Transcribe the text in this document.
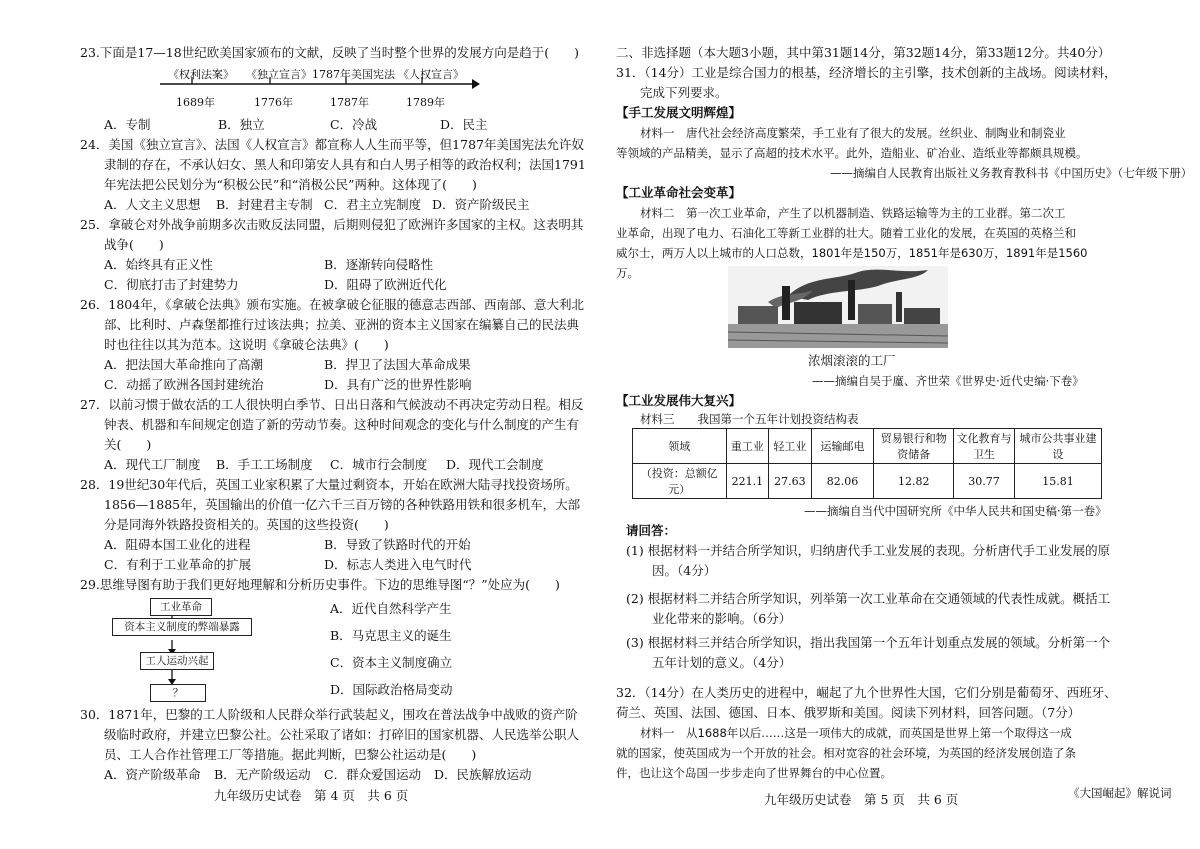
23.下面是17—18世纪欧美国家颁布的文献，反映了当时整个世界的发展方向是趋于(　　)
《权利法案》 《独立宣言》 1787年美国宪法 《人权宣言》
1689年	1776年	1787年	1789年
A．专制	B．独立	C．冷战	D．民主
24．美国《独立宣言》、法国《人权宣言》都宣称人人生而平等，但1787年美国宪法允许奴
隶制的存在，不承认妇女、黑人和印第安人具有和白人男子相等的政治权利；法国1791
年宪法把公民划分为“积极公民”和“消极公民”两种。这体现了(　　)
A．人文主义思想 B．封建君主专制 C．君主立宪制度 D．资产阶级民主
25．拿破仑对外战争前期多次击败反法同盟，后期则侵犯了欧洲许多国家的主权。这表明其
战争(　　)
A．始终具有正义性	B．逐渐转向侵略性
C．彻底打击了封建势力	D．阻碍了欧洲近代化
26．1804年，《拿破仑法典》颁布实施。在被拿破仑征服的德意志西部、西南部、意大利北
部、比利时、卢森堡都推行过该法典；拉美、亚洲的资本主义国家在编纂自己的民法典
时也往往以其为范本。这说明《拿破仑法典》(　　)
A．把法国大革命推向了高潮	B．捍卫了法国大革命成果
C．动摇了欧洲各国封建统治	D．具有广泛的世界性影响
27．以前习惯于做农活的工人很快明白季节、日出日落和气候波动不再决定劳动日程。相反
钟表、机器和车间规定创造了新的劳动节奏。这种时间观念的变化与什么制度的产生有
关(　　)
A．现代工厂制度 B．手工工场制度 C．城市行会制度 D．现代工会制度
28．19世纪30年代后，英国工业家积累了大量过剩资本，开始在欧洲大陆寻找投资场所。
1856—1885年，英国输出的价值一亿六千三百万镑的各种铁路用铁和很多机车，大部
分是同海外铁路投资相关的。英国的这些投资(　　)
A．阻碍本国工业化的进程	B．导致了铁路时代的开始
C．有利于工业革命的扩展	D．标志人类进入电气时代
29.思维导图有助于我们更好地理解和分析历史事件。下边的思维导图“？”处应为(　　)
工业革命
资本主义制度的弊端暴露
工人运动兴起
？
A．近代自然科学产生
B．马克思主义的诞生
C．资本主义制度确立
D．国际政治格局变动
30．1871年，巴黎的工人阶级和人民群众举行武装起义，围攻在普法战争中战败的资产阶
级临时政府，并建立巴黎公社。公社采取了诸如：打碎旧的国家机器、人民选举公职人
员、工人合作社管理工厂等措施。据此判断，巴黎公社运动是(　　)
A．资产阶级革命 B．无产阶级运动 C．群众爱国运动 D．民族解放运动
九年级历史试卷　第 4 页　共 6 页
二、非选择题（本大题3小题，其中第31题14分，第32题14分，第33题12分。共40分）
31．（14分）工业是综合国力的根基，经济增长的主引擎，技术创新的主战场。阅读材料，
完成下列要求。
【手工发展文明辉煌】
材料一　唐代社会经济高度繁荣，手工业有了很大的发展。丝织业、制陶业和制瓷业
等领域的产品精美，显示了高超的技术水平。此外，造船业、矿冶业、造纸业等都颇具规模。
——摘编自人民教育出版社义务教育教科书《中国历史》（七年级下册）
【工业革命社会变革】
材料二　第一次工业革命，产生了以机器制造、铁路运输等为主的工业群。第二次工
业革命，出现了电力、石油化工等新工业群的壮大。随着工业化的发展，在英国的英格兰和
威尔士，两万人以上城市的人口总数，1801年是150万，1851年是630万，1891年是1560
万。
浓烟滚滚的工厂
——摘编自吴于廑、齐世荣《世界史·近代史编·下卷》
【工业发展伟大复兴】
材料三　　我国第一个五年计划投资结构表
领域	重工业	轻工业	运输邮电	贸易银行和物资储备	文化教育与卫生	城市公共事业建设
（投资：总额亿元）	221.1	27.63	82.06	12.82	30.77	15.81
——摘编自当代中国研究所《中华人民共和国史稿·第一卷》
请回答：
(1) 根据材料一并结合所学知识，归纳唐代手工业发展的表现。分析唐代手工业发展的原
因。（4分）
(2) 根据材料二并结合所学知识，列举第一次工业革命在交通领域的代表性成就。概括工
业化带来的影响。（6分）
(3) 根据材料三并结合所学知识，指出我国第一个五年计划重点发展的领域。分析第一个
五年计划的意义。（4分）
32．（14分）在人类历史的进程中，崛起了九个世界性大国，它们分别是葡萄牙、西班牙、
荷兰、英国、法国、德国、日本、俄罗斯和美国。阅读下列材料，回答问题。（7分）
材料一　从1688年以后……这是一项伟大的成就，而英国是世界上第一个取得这一成
就的国家，使英国成为一个开放的社会。相对宽容的社会环境，为英国的经济发展创造了条
件，也让这个岛国一步步走向了世界舞台的中心位置。
《大国崛起》解说词
九年级历史试卷　第 5 页　共 6 页
